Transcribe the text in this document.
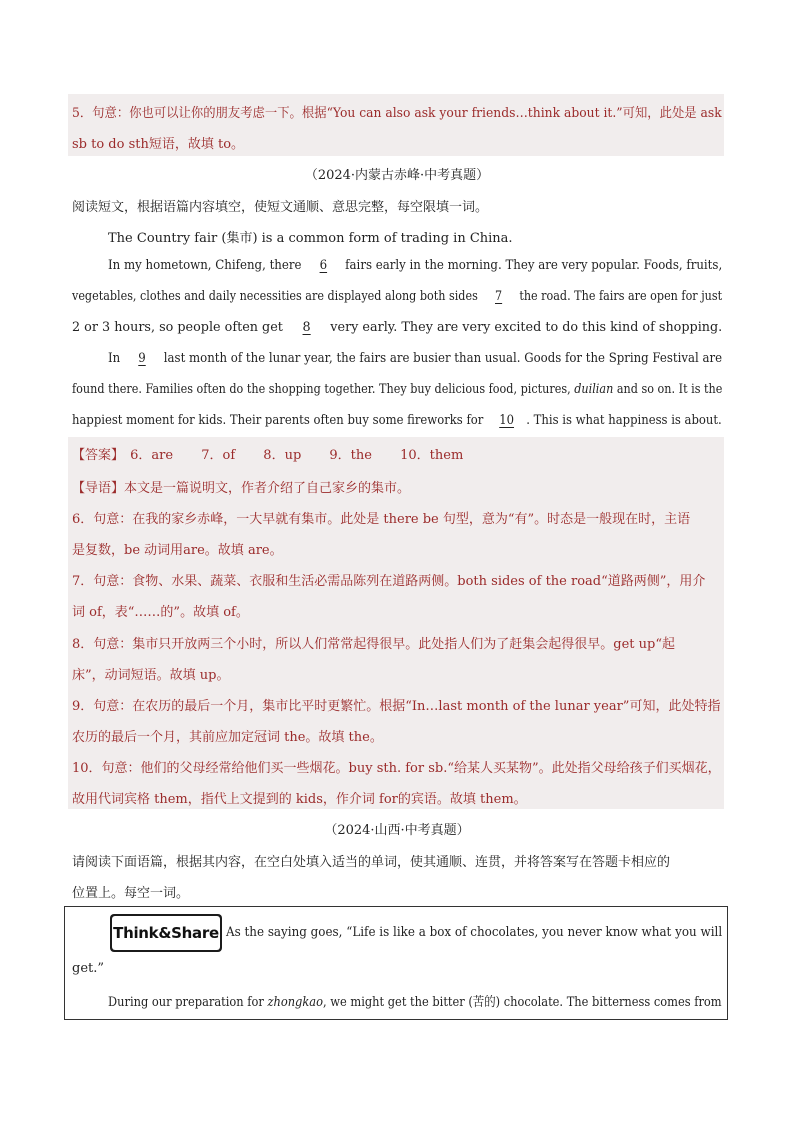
5．句意：你也可以让你的朋友考虑一下。根据“You can also ask your friends…think about it.”可知，此处是 ask
sb to do sth短语，故填 to。
（2024·内蒙古赤峰·中考真题）
阅读短文，根据语篇内容填空，使短文通顺、意思完整，每空限填一词。
The Country fair (集市) is a common form of trading in China.
In my hometown, Chifeng, there 6 fairs early in the morning. They are very popular. Foods, fruits,
vegetables, clothes and daily necessities are displayed along both sides 7 the road. The fairs are open for just
2 or 3 hours, so people often get 8 very early. They are very excited to do this kind of shopping.
In 9 last month of the lunar year, the fairs are busier than usual. Goods for the Spring Festival are
found there. Families often do the shopping together. They buy delicious food, pictures, duilian and so on. It is the
happiest moment for kids. Their parents often buy some fireworks for 10 . This is what happiness is about.
【答案】 6．are 7．of 8．up 9．the 10．them
【导语】本文是一篇说明文，作者介绍了自己家乡的集市。
6．句意：在我的家乡赤峰，一大早就有集市。此处是 there be 句型，意为“有”。时态是一般现在时，主语
是复数，be 动词用are。故填 are。
7．句意：食物、水果、蔬菜、衣服和生活必需品陈列在道路两侧。both sides of the road“道路两侧”，用介
词 of，表“……的”。故填 of。
8．句意：集市只开放两三个小时，所以人们常常起得很早。此处指人们为了赶集会起得很早。get up“起
床”，动词短语。故填 up。
9．句意：在农历的最后一个月，集市比平时更繁忙。根据“In…last month of the lunar year”可知，此处特指
农历的最后一个月，其前应加定冠词 the。故填 the。
10．句意：他们的父母经常给他们买一些烟花。buy sth. for sb.“给某人买某物”。此处指父母给孩子们买烟花，
故用代词宾格 them，指代上文提到的 kids，作介词 for的宾语。故填 them。
（2024·山西·中考真题）
请阅读下面语篇，根据其内容，在空白处填入适当的单词，使其通顺、连贯，并将答案写在答题卡相应的
位置上。每空一词。
Think&Share As the saying goes, “Life is like a box of chocolates, you never know what you will
get.”
During our preparation for zhongkao, we might get the bitter (苦的) chocolate. The bitterness comes from
